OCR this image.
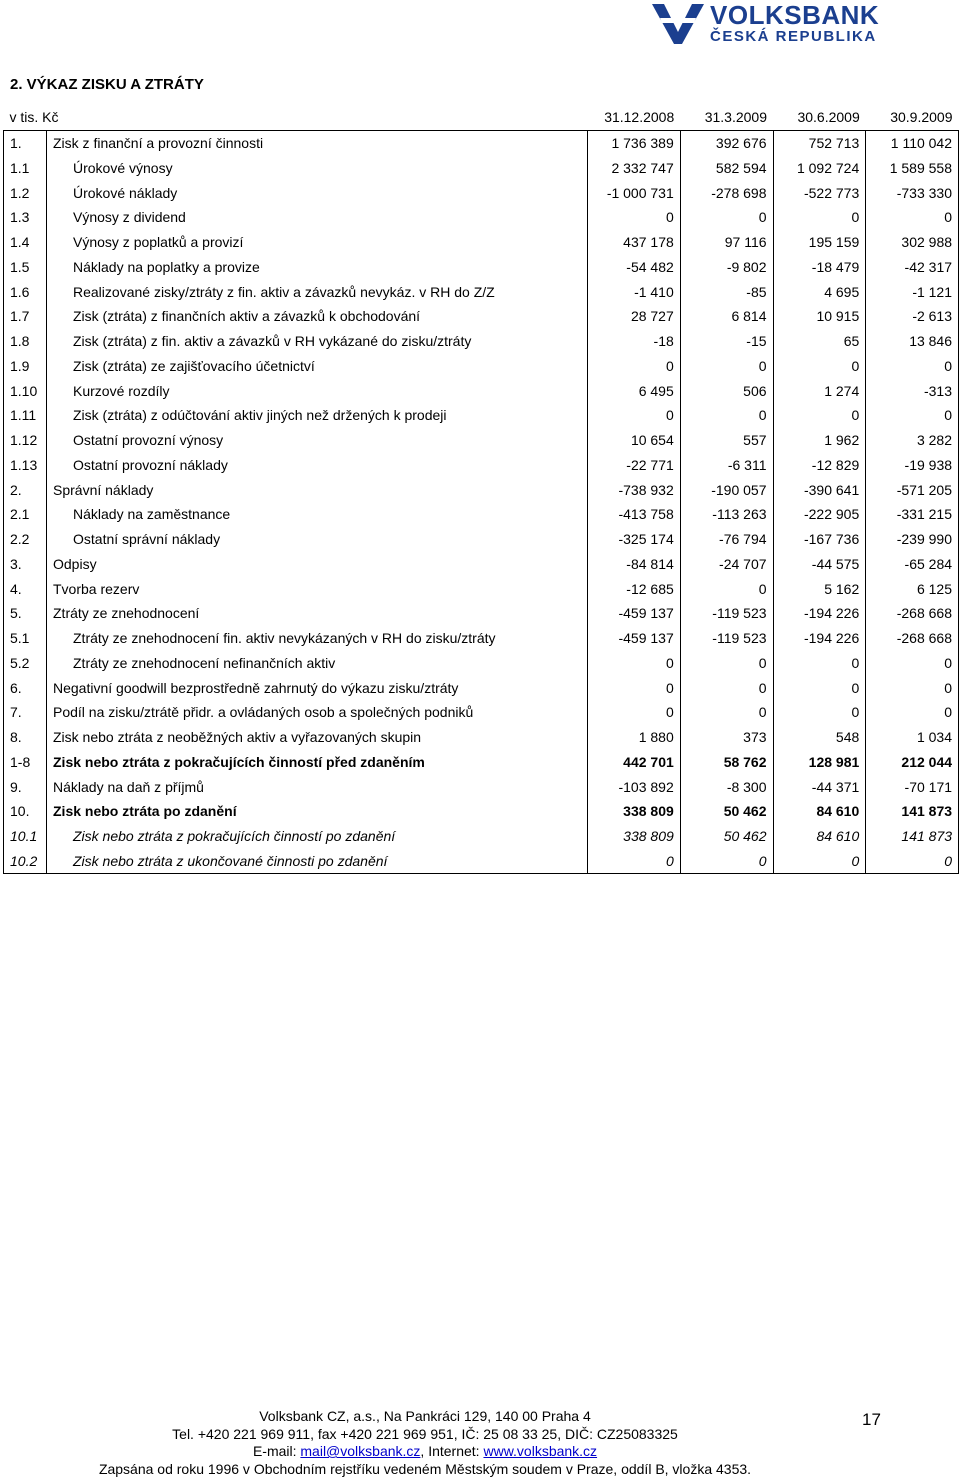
VOLKSBANK
ČESKÁ REPUBLIKA
2. VÝKAZ ZISKU A ZTRÁTY
v tis. Kč		31.12.2008	31.3.2009	30.6.2009	30.9.2009
1.	Zisk z finanční a provozní činnosti	1 736 389	392 676	752 713	1 110 042
1.1	Úrokové výnosy	2 332 747	582 594	1 092 724	1 589 558
1.2	Úrokové náklady	-1 000 731	-278 698	-522 773	-733 330
1.3	Výnosy z dividend	0	0	0	0
1.4	Výnosy z poplatků a provizí	437 178	97 116	195 159	302 988
1.5	Náklady na poplatky a provize	-54 482	-9 802	-18 479	-42 317
1.6	Realizované zisky/ztráty z fin. aktiv a závazků nevykáz. v RH do Z/Z	-1 410	-85	4 695	-1 121
1.7	Zisk (ztráta) z finančních aktiv a závazků k obchodování	28 727	6 814	10 915	-2 613
1.8	Zisk (ztráta) z fin. aktiv a závazků v RH vykázané do zisku/ztráty	-18	-15	65	13 846
1.9	Zisk (ztráta) ze zajišťovacího účetnictví	0	0	0	0
1.10	Kurzové rozdíly	6 495	506	1 274	-313
1.11	Zisk (ztráta) z odúčtování aktiv jiných než držených k prodeji	0	0	0	0
1.12	Ostatní provozní výnosy	10 654	557	1 962	3 282
1.13	Ostatní provozní náklady	-22 771	-6 311	-12 829	-19 938
2.	Správní náklady	-738 932	-190 057	-390 641	-571 205
2.1	Náklady na zaměstnance	-413 758	-113 263	-222 905	-331 215
2.2	Ostatní správní náklady	-325 174	-76 794	-167 736	-239 990
3.	Odpisy	-84 814	-24 707	-44 575	-65 284
4.	Tvorba rezerv	-12 685	0	5 162	6 125
5.	Ztráty ze znehodnocení	-459 137	-119 523	-194 226	-268 668
5.1	Ztráty ze znehodnocení fin. aktiv nevykázaných v RH do zisku/ztráty	-459 137	-119 523	-194 226	-268 668
5.2	Ztráty ze znehodnocení nefinančních aktiv	0	0	0	0
6.	Negativní goodwill bezprostředně zahrnutý do výkazu zisku/ztráty	0	0	0	0
7.	Podíl na zisku/ztrátě přidr. a ovládaných osob a společných podniků	0	0	0	0
8.	Zisk nebo ztráta z neoběžných aktiv a vyřazovaných skupin	1 880	373	548	1 034
1-8	Zisk nebo ztráta z pokračujících činností před zdaněním	442 701	58 762	128 981	212 044
9.	Náklady na daň z příjmů	-103 892	-8 300	-44 371	-70 171
10.	Zisk nebo ztráta po zdanění	338 809	50 462	84 610	141 873
10.1	Zisk nebo ztráta z pokračujících činností po zdanění	338 809	50 462	84 610	141 873
10.2	Zisk nebo ztráta z ukončované činnosti po zdanění	0	0	0	0
Volksbank CZ, a.s., Na Pankráci 129, 140 00 Praha 4
Tel. +420 221 969 911, fax +420 221 969 951, IČ: 25 08 33 25, DIČ: CZ25083325
E-mail: mail@volksbank.cz, Internet: www.volksbank.cz
Zapsána od roku 1996 v Obchodním rejstříku vedeném Městským soudem v Praze, oddíl B, vložka 4353.
17
